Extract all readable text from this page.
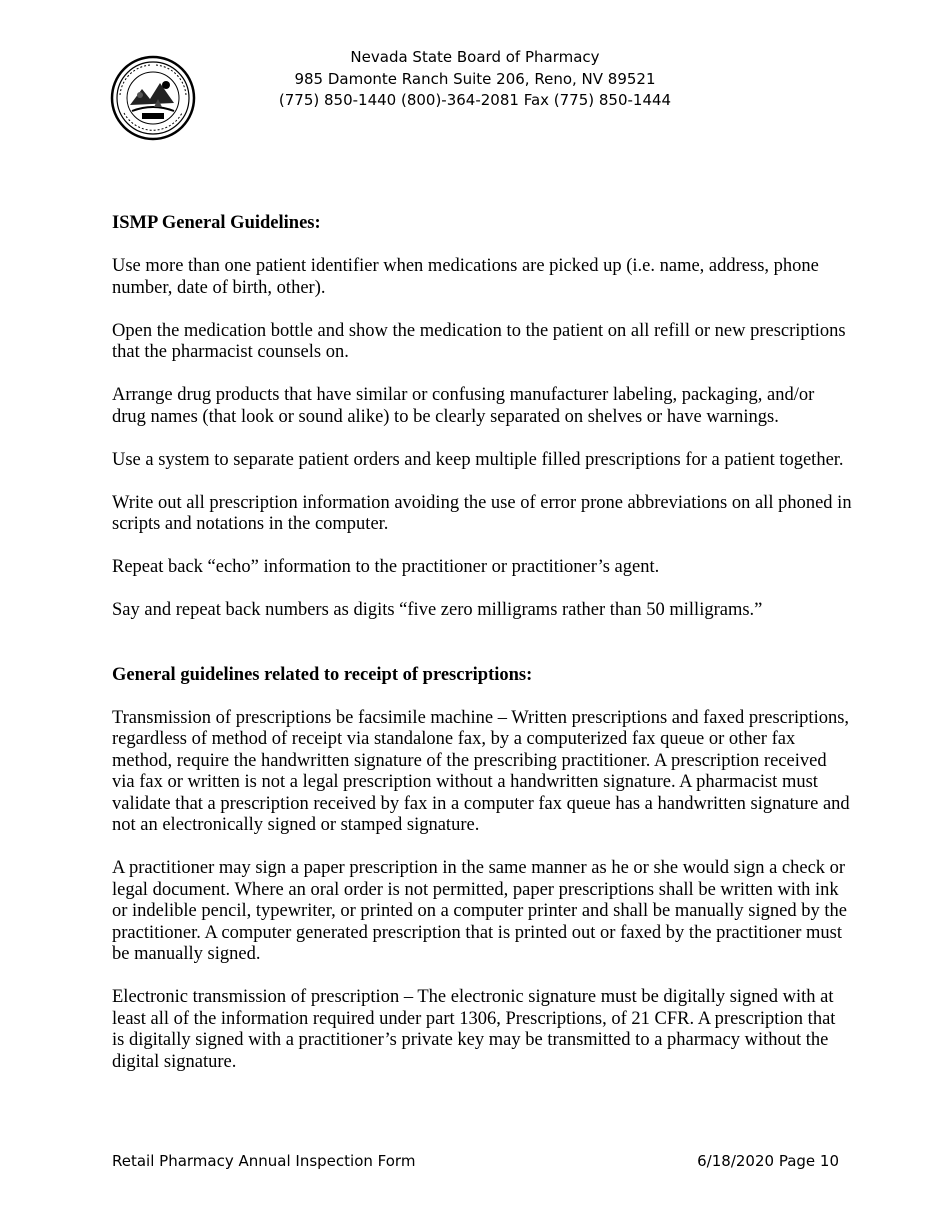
Nevada State Board of Pharmacy
985 Damonte Ranch Suite 206, Reno, NV 89521
(775) 850-1440 (800)-364-2081 Fax (775) 850-1444
ISMP General Guidelines:
Use more than one patient identifier when medications are picked up (i.e. name, address, phone number, date of birth, other).
Open the medication bottle and show the medication to the patient on all refill or new prescriptions that the pharmacist counsels on.
Arrange drug products that have similar or confusing manufacturer labeling, packaging, and/or drug names (that look or sound alike) to be clearly separated on shelves or have warnings.
Use a system to separate patient orders and keep multiple filled prescriptions for a patient together.
Write out all prescription information avoiding the use of error prone abbreviations on all phoned in scripts and notations in the computer.
Repeat back “echo” information to the practitioner or practitioner’s agent.
Say and repeat back numbers as digits “five zero milligrams rather than 50 milligrams.”
General guidelines related to receipt of prescriptions:
Transmission of prescriptions be facsimile machine – Written prescriptions and faxed prescriptions, regardless of method of receipt via standalone fax, by a computerized fax queue or other fax method, require the handwritten signature of the prescribing practitioner. A prescription received via fax or written is not a legal prescription without a handwritten signature. A pharmacist must validate that a prescription received by fax in a computer fax queue has a handwritten signature and not an electronically signed or stamped signature.
A practitioner may sign a paper prescription in the same manner as he or she would sign a check or legal document. Where an oral order is not permitted, paper prescriptions shall be written with ink or indelible pencil, typewriter, or printed on a computer printer and shall be manually signed by the practitioner. A computer generated prescription that is printed out or faxed by the practitioner must be manually signed.
Electronic transmission of prescription – The electronic signature must be digitally signed with at least all of the information required under part 1306, Prescriptions, of 21 CFR. A prescription that is digitally signed with a practitioner’s private key may be transmitted to a pharmacy without the digital signature.
Retail Pharmacy Annual Inspection Form	6/18/2020 Page 10
